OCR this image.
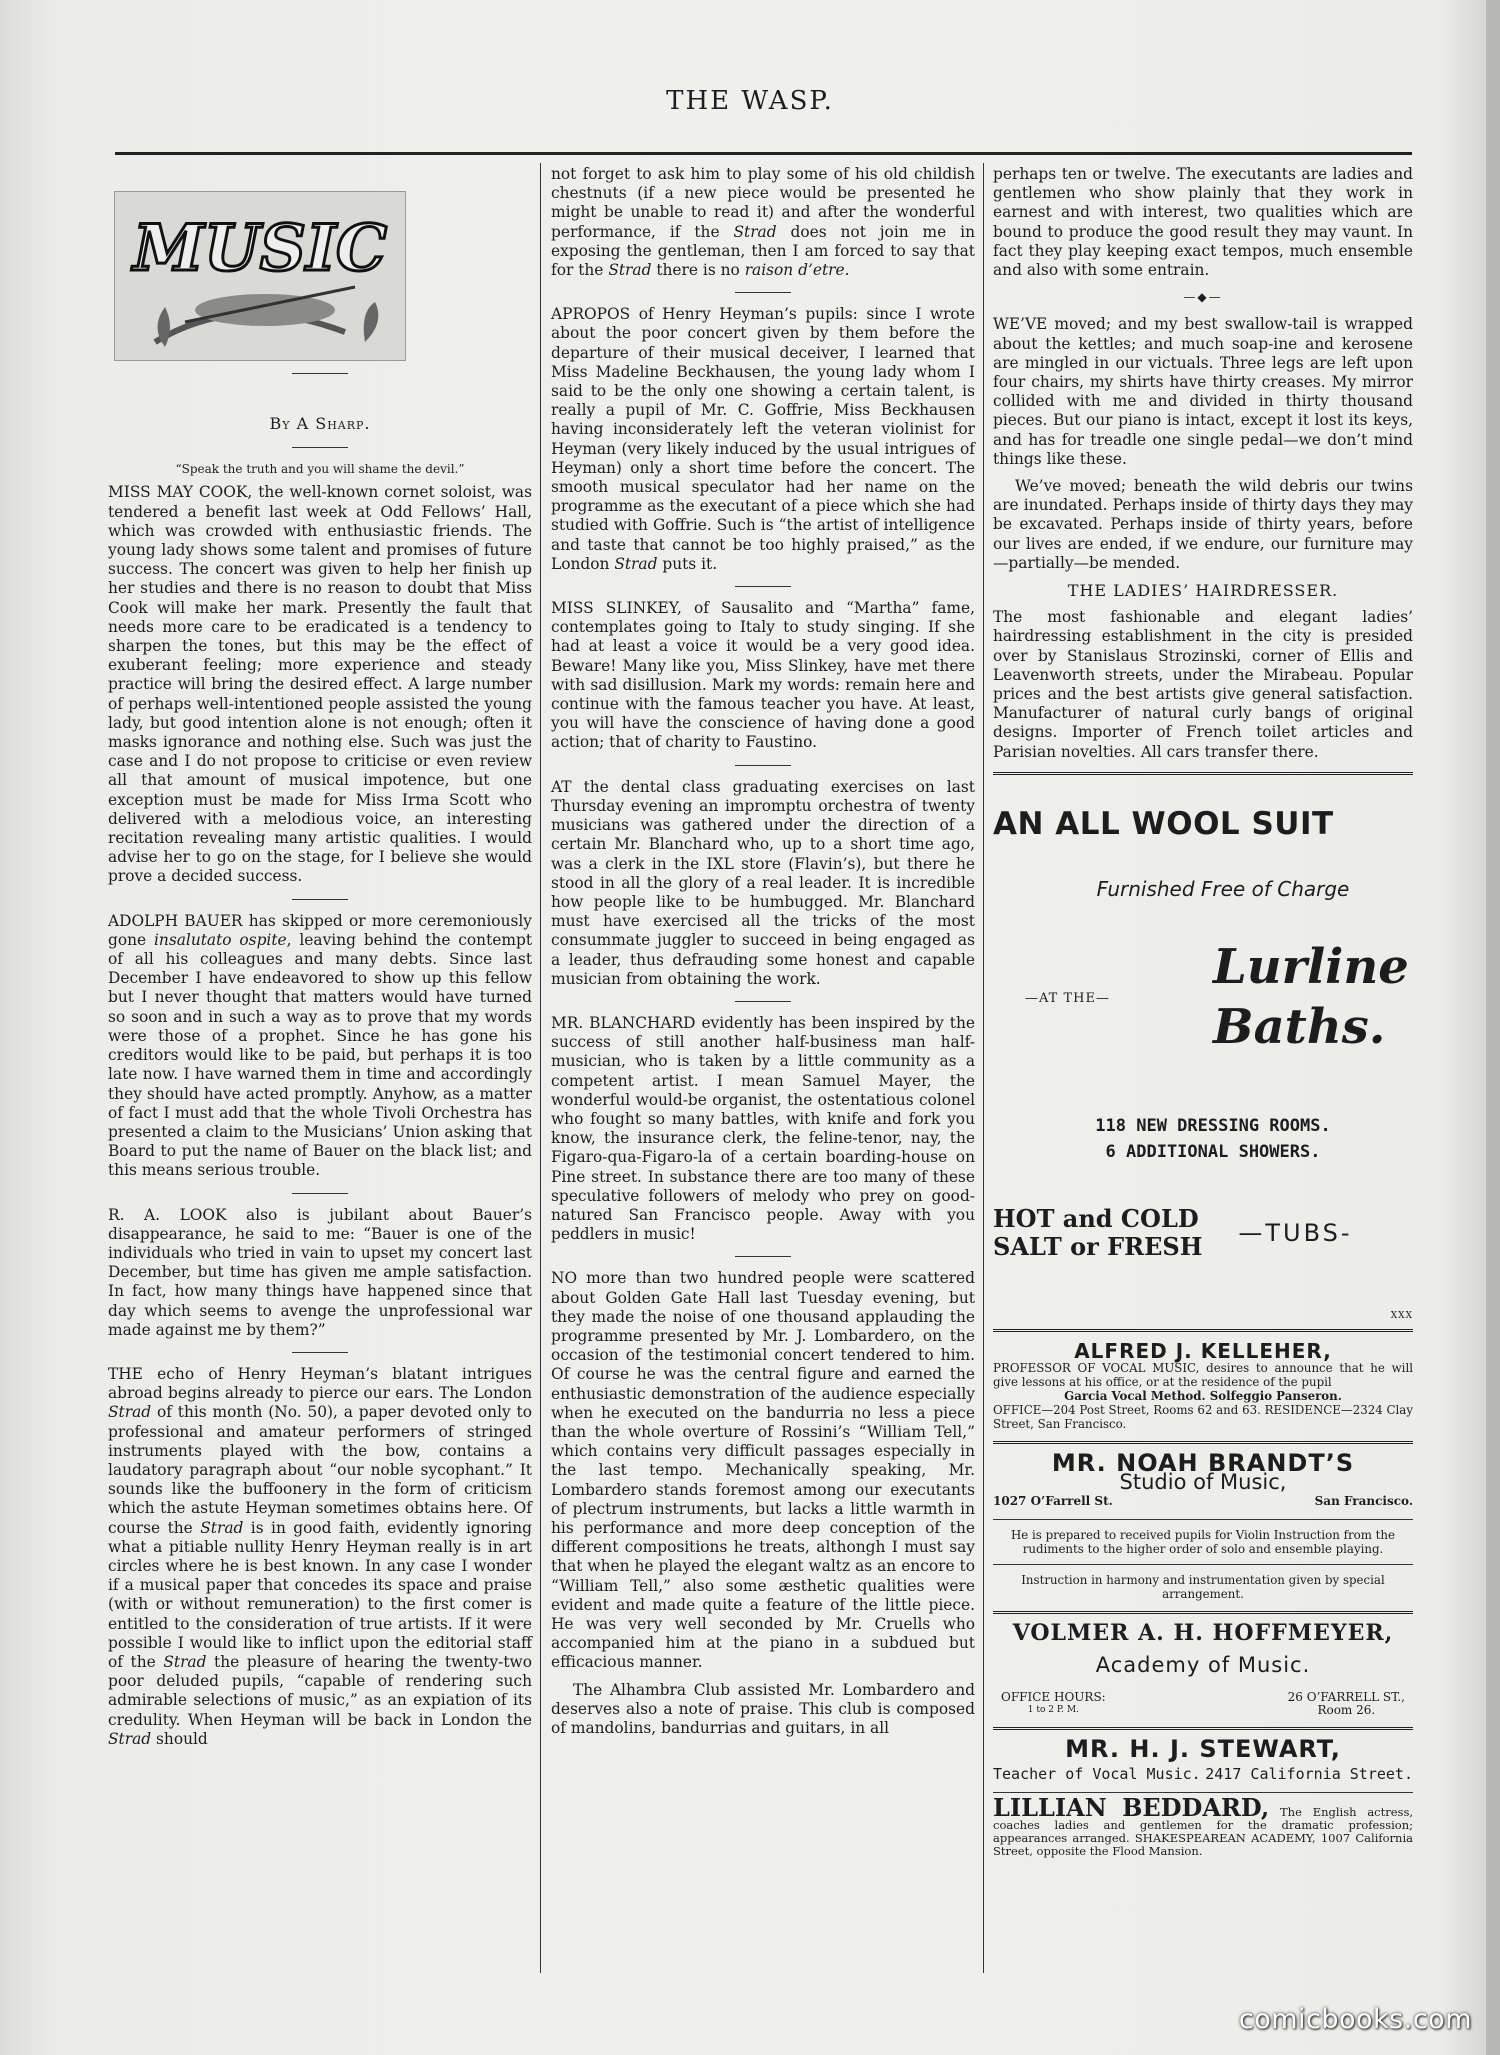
THE WASP.
MUSIC
By A Sharp.
“Speak the truth and you will shame the devil.”

MISS MAY COOK, the well-known cornet soloist, was tendered a benefit last week at Odd Fellows’ Hall, which was crowded with enthusiastic friends. The young lady shows some talent and promises of future success. The concert was given to help her finish up her studies and there is no reason to doubt that Miss Cook will make her mark. Presently the fault that needs more care to be eradicated is a tendency to sharpen the tones, but this may be the effect of exuberant feeling; more experience and steady practice will bring the desired effect. A large number of perhaps well-intentioned people assisted the young lady, but good intention alone is not enough; often it masks ignorance and nothing else. Such was just the case and I do not propose to criticise or even review all that amount of musical impotence, but one exception must be made for Miss Irma Scott who delivered with a melodious voice, an interesting recitation revealing many artistic qualities. I would advise her to go on the stage, for I believe she would prove a decided success.

ADOLPH BAUER has skipped or more ceremoniously gone insalutato ospite, leaving behind the contempt of all his colleagues and many debts. Since last December I have endeavored to show up this fellow but I never thought that matters would have turned so soon and in such a way as to prove that my words were those of a prophet. Since he has gone his creditors would like to be paid, but perhaps it is too late now. I have warned them in time and accordingly they should have acted promptly. Anyhow, as a matter of fact I must add that the whole Tivoli Orchestra has presented a claim to the Musicians’ Union asking that Board to put the name of Bauer on the black list; and this means serious trouble.

R. A. LOOK also is jubilant about Bauer’s disappearance, he said to me: “Bauer is one of the individuals who tried in vain to upset my concert last December, but time has given me ample satisfaction. In fact, how many things have happened since that day which seems to avenge the unprofessional war made against me by them?”

THE echo of Henry Heyman’s blatant intrigues abroad begins already to pierce our ears. The London Strad of this month (No. 50), a paper devoted only to professional and amateur performers of stringed instruments played with the bow, contains a laudatory paragraph about “our noble sycophant.” It sounds like the buffoonery in the form of criticism which the astute Heyman sometimes obtains here. Of course the Strad is in good faith, evidently ignoring what a pitiable nullity Henry Heyman really is in art circles where he is best known. In any case I wonder if a musical paper that concedes its space and praise (with or without remuneration) to the first comer is entitled to the consideration of true artists. If it were possible I would like to inflict upon the editorial staff of the Strad the pleasure of hearing the twenty-two poor deluded pupils, “capable of rendering such admirable selections of music,” as an expiation of its credulity. When Heyman will be back in London the Strad should

not forget to ask him to play some of his old childish chestnuts (if a new piece would be presented he might be unable to read it) and after the wonderful performance, if the Strad does not join me in exposing the gentleman, then I am forced to say that for the Strad there is no raison d’etre.

APROPOS of Henry Heyman’s pupils: since I wrote about the poor concert given by them before the departure of their musical deceiver, I learned that Miss Madeline Beckhausen, the young lady whom I said to be the only one showing a certain talent, is really a pupil of Mr. C. Goffrie, Miss Beckhausen having inconsiderately left the veteran violinist for Heyman (very likely induced by the usual intrigues of Heyman) only a short time before the concert. The smooth musical speculator had her name on the programme as the executant of a piece which she had studied with Goffrie. Such is “the artist of intelligence and taste that cannot be too highly praised,” as the London Strad puts it.

MISS SLINKEY, of Sausalito and “Martha” fame, contemplates going to Italy to study singing. If she had at least a voice it would be a very good idea. Beware! Many like you, Miss Slinkey, have met there with sad disillusion. Mark my words: remain here and continue with the famous teacher you have. At least, you will have the conscience of having done a good action; that of charity to Faustino.

AT the dental class graduating exercises on last Thursday evening an impromptu orchestra of twenty musicians was gathered under the direction of a certain Mr. Blanchard who, up to a short time ago, was a clerk in the IXL store (Flavin’s), but there he stood in all the glory of a real leader. It is incredible how people like to be humbugged. Mr. Blanchard must have exercised all the tricks of the most consummate juggler to succeed in being engaged as a leader, thus defrauding some honest and capable musician from obtaining the work.

MR. BLANCHARD evidently has been inspired by the success of still another half-business man half-musician, who is taken by a little community as a competent artist. I mean Samuel Mayer, the wonderful would-be organist, the ostentatious colonel who fought so many battles, with knife and fork you know, the insurance clerk, the feline-tenor, nay, the Figaro-qua-Figaro-la of a certain boarding-house on Pine street. In substance there are too many of these speculative followers of melody who prey on good-natured San Francisco people. Away with you peddlers in music!

NO more than two hundred people were scattered about Golden Gate Hall last Tuesday evening, but they made the noise of one thousand applauding the programme presented by Mr. J. Lombardero, on the occasion of the testimonial concert tendered to him. Of course he was the central figure and earned the enthusiastic demonstration of the audience especially when he executed on the bandurria no less a piece than the whole overture of Rossini’s “William Tell,” which contains very difficult passages especially in the last tempo. Mechanically speaking, Mr. Lombardero stands foremost among our executants of plectrum instruments, but lacks a little warmth in his performance and more deep conception of the different compositions he treats, althongh I must say that when he played the elegant waltz as an encore to “William Tell,” also some æsthetic qualities were evident and made quite a feature of the little piece. He was very well seconded by Mr. Cruells who accompanied him at the piano in a subdued but efficacious manner.

The Alhambra Club assisted Mr. Lombardero and deserves also a note of praise. This club is composed of mandolins, bandurrias and guitars, in all

perhaps ten or twelve. The executants are ladies and gentlemen who show plainly that they work in earnest and with interest, two qualities which are bound to produce the good result they may vaunt. In fact they play keeping exact tempos, much ensemble and also with some entrain.

—◆—

WE’VE moved; and my best swallow-tail is wrapped about the kettles; and much soap-ine and kerosene are mingled in our victuals. Three legs are left upon four chairs, my shirts have thirty creases. My mirror collided with me and divided in thirty thousand pieces. But our piano is intact, except it lost its keys, and has for treadle one single pedal—we don’t mind things like these.

We’ve moved; beneath the wild debris our twins are inundated. Perhaps inside of thirty days they may be excavated. Perhaps inside of thirty years, before our lives are ended, if we endure, our furniture may—partially—be mended.

THE LADIES’ HAIRDRESSER.

The most fashionable and elegant ladies’ hairdressing establishment in the city is presided over by Stanislaus Strozinski, corner of Ellis and Leavenworth streets, under the Mirabeau. Popular prices and the best artists give general satisfaction. Manufacturer of natural curly bangs of original designs. Importer of French toilet articles and Parisian novelties. All cars transfer there.

AN ALL WOOL SUIT
Furnished Free of Charge
—AT THE—
Lurline
Baths.
118 NEW DRESSING ROOMS.
6 ADDITIONAL SHOWERS.
HOT and COLD
SALT or FRESH —TUBS-
XXX
ALFRED J. KELLEHER,
PROFESSOR OF VOCAL MUSIC, desires to announce that he will give lessons at his office, or at the residence of the pupil
Garcia Vocal Method. Solfeggio Panseron.
OFFICE—204 Post Street, Rooms 62 and 63. RESIDENCE—2324 Clay Street, San Francisco.
MR. NOAH BRANDT’S
Studio of Music,
1027 O’Farrell St.	San Francisco.
He is prepared to received pupils for Violin Instruction from the rudiments to the higher order of solo and ensemble playing.
Instruction in harmony and instrumentation given by special arrangement.
VOLMER A. H. HOFFMEYER,
Academy of Music.
OFFICE HOURS:
1 to 2 P. M.
26 O’FARRELL ST.,
Room 26.
MR. H. J. STEWART,
Teacher of Vocal Music. 2417 California Street.
LILLIAN BEDDARD, The English actress, coaches ladies and gentlemen for the dramatic profession; appearances arranged. SHAKESPEAREAN ACADEMY, 1007 California Street, opposite the Flood Mansion.
comicbooks.com
